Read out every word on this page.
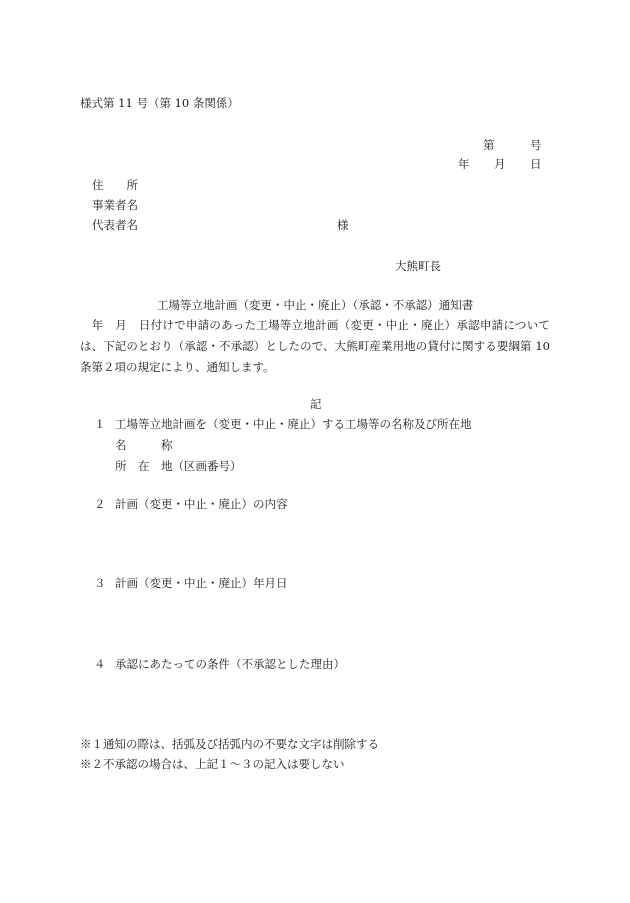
様式第 11 号（第 10 条関係）
第	号
年 月 日
住　　所
事業者名
代表者名	様
大熊町長
工場等立地計画（変更・中止・廃止）（承認・不承認）通知書
　年　月　日付けで申請のあった工場等立地計画（変更・中止・廃止）承認申請については、下記のとおり（承認・不承認）としたので、大熊町産業用地の貸付に関する要綱第 10 条第２項の規定により、通知します。
記
１ 工場等立地計画を（変更・中止・廃止）する工場等の名称及び所在地
名　　　称
所　在　地（区画番号）
２ 計画（変更・中止・廃止）の内容
３ 計画（変更・中止・廃止）年月日
４ 承認にあたっての条件（不承認とした理由）
※１通知の際は、括弧及び括弧内の不要な文字は削除する
※２不承認の場合は、上記１～３の記入は要しない
